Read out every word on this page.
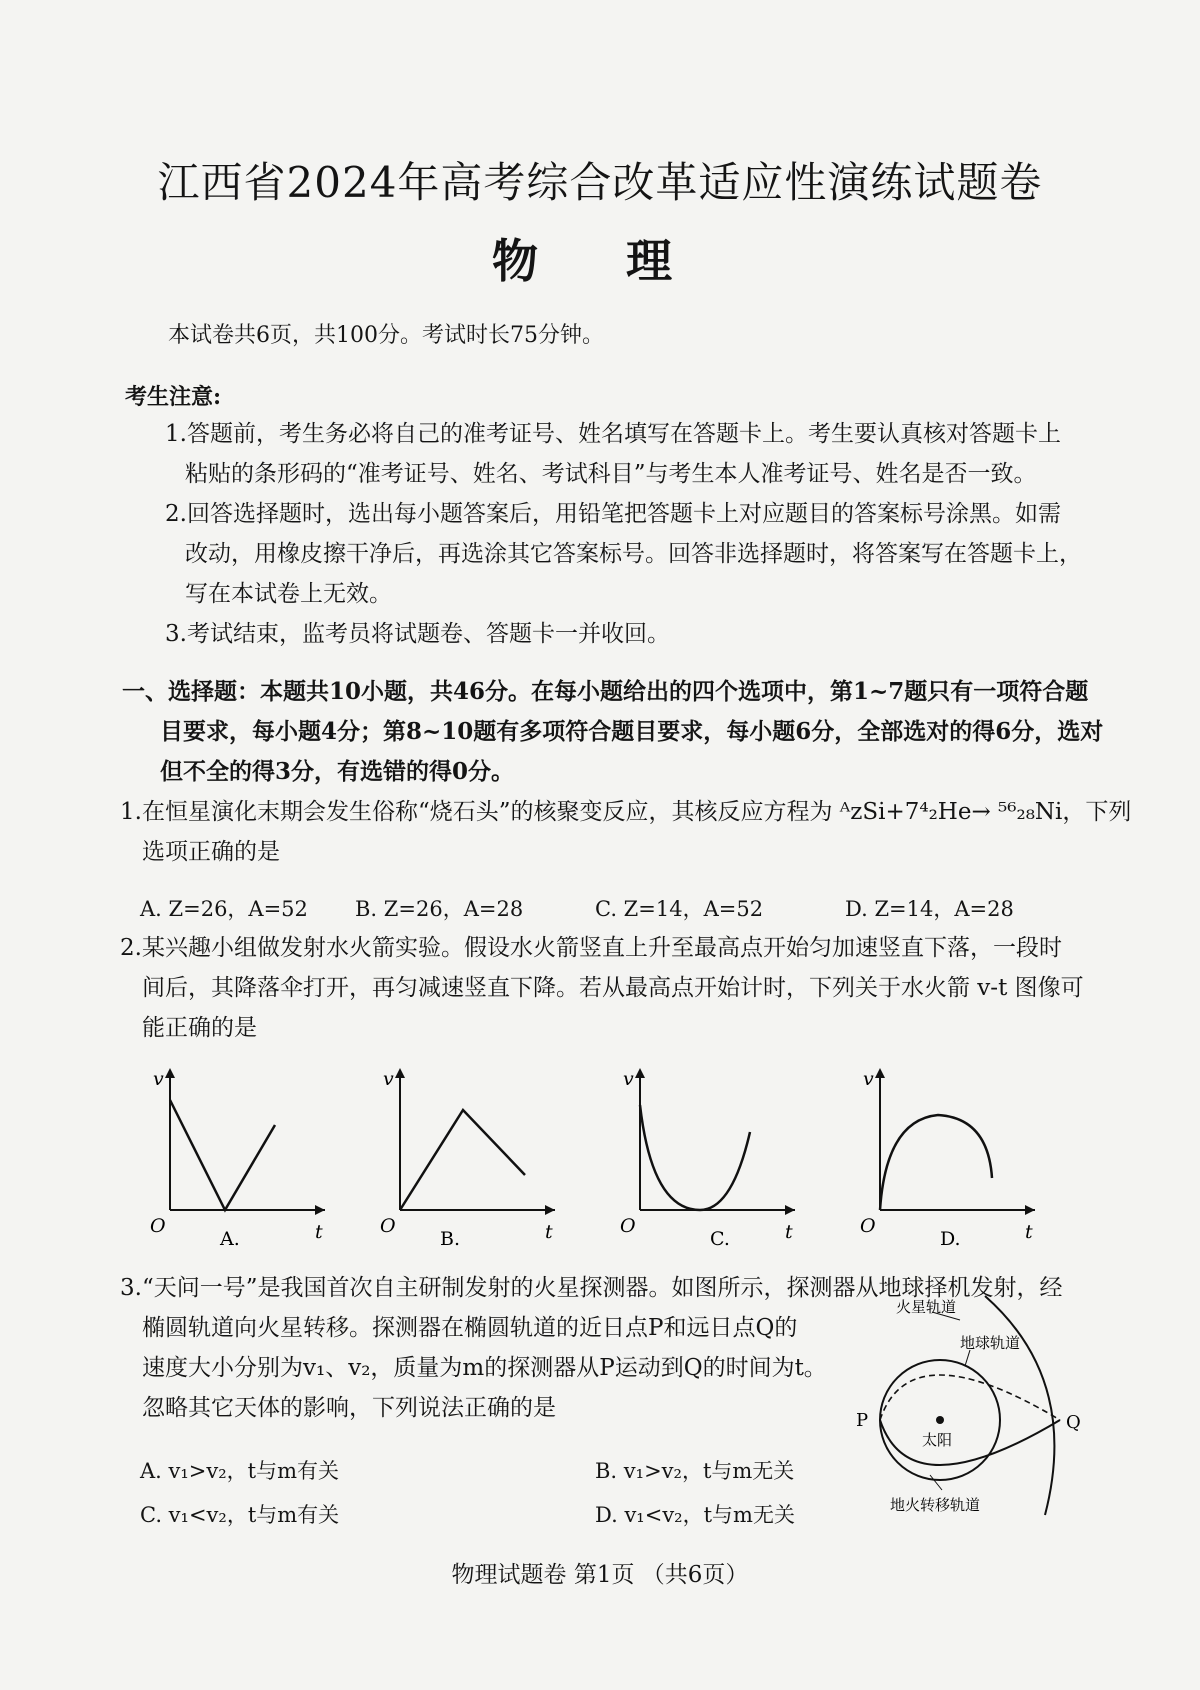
江西省2024年高考综合改革适应性演练试题卷
物 理
本试卷共6页，共100分。考试时长75分钟。
考生注意:
1.答题前，考生务必将自己的准考证号、姓名填写在答题卡上。考生要认真核对答题卡上
粘贴的条形码的“准考证号、姓名、考试科目”与考生本人准考证号、姓名是否一致。
2.回答选择题时，选出每小题答案后，用铅笔把答题卡上对应题目的答案标号涂黑。如需
改动，用橡皮擦干净后，再选涂其它答案标号。回答非选择题时，将答案写在答题卡上，
写在本试卷上无效。
3.考试结束，监考员将试题卷、答题卡一并收回。
一、选择题：本题共10小题，共46分。在每小题给出的四个选项中，第1~7题只有一项符合题
目要求，每小题4分；第8~10题有多项符合题目要求，每小题6分，全部选对的得6分，选对
但不全的得3分，有选错的得0分。
1.在恒星演化末期会发生俗称“烧石头”的核聚变反应，其核反应方程为 ᴬzSi+7⁴₂He→ ⁵⁶₂₈Ni，下列
选项正确的是
A. Z=26，A=52 B. Z=26，A=28	C. Z=14，A=52	D. Z=14，A=28
2.某兴趣小组做发射水火箭实验。假设水火箭竖直上升至最高点开始匀加速竖直下落，一段时
间后，其降落伞打开，再匀减速竖直下降。若从最高点开始计时，下列关于水火箭 v-t 图像可
能正确的是
v
O	t
A.
v
O	t
B.
v
O	t
C.
v
O	t
D.
3.“天问一号”是我国首次自主研制发射的火星探测器。如图所示，探测器从地球择机发射，经
椭圆轨道向火星转移。探测器在椭圆轨道的近日点P和远日点Q的
速度大小分别为v₁、v₂，质量为m的探测器从P运动到Q的时间为t。
忽略其它天体的影响，下列说法正确的是
A. v₁>v₂，t与m有关	B. v₁>v₂，t与m无关
C. v₁<v₂，t与m有关	D. v₁<v₂，t与m无关
火星轨道
地球轨道
太阳
地火转移轨道
P	Q
物理试题卷 第1页 （共6页）
